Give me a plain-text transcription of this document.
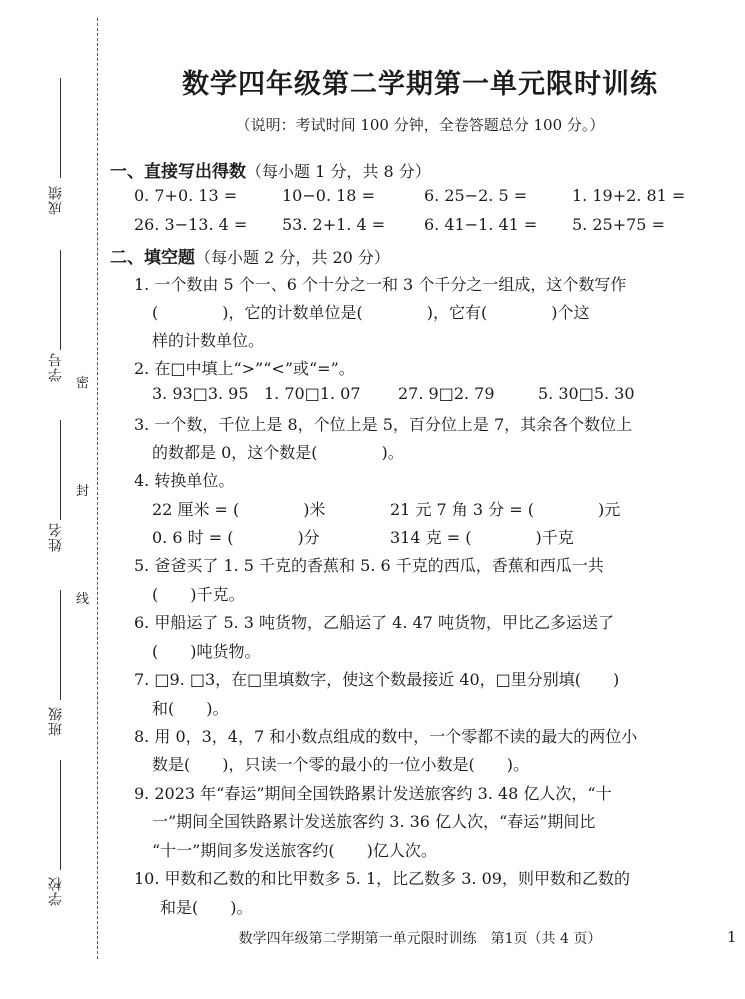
成绩
学号
姓名
班级
学校
密
封
线
数学四年级第二学期第一单元限时训练
（说明：考试时间 100 分钟，全卷答题总分 100 分。）
一、直接写出得数（每小题 1 分，共 8 分）
0. 7+0. 13 =	10−0. 18 =	6. 25−2. 5 =	1. 19+2. 81 =
26. 3−13. 4 = 53. 2+1. 4 = 6. 41−1. 41 = 5. 25+75 =
二、填空题（每小题 2 分，共 20 分）
1. 一个数由 5 个一、6 个十分之一和 3 个千分之一组成，这个数写作
(　　　　)，它的计数单位是(　　　　)，它有(　　　　)个这
样的计数单位。
2. 在□中填上“>”“<”或“=”。
3. 93□3. 95 1. 70□1. 07 27. 9□2. 79	5. 30□5. 30
3. 一个数，千位上是 8，个位上是 5，百分位上是 7，其余各个数位上
的数都是 0，这个数是(　　　　)。
4. 转换单位。
22 厘米 = (　　　　)米	21 元 7 角 3 分 = (　　　　)元
0. 6 时 = (　　　　)分	314 克 = (　　　　)千克
5. 爸爸买了 1. 5 千克的香蕉和 5. 6 千克的西瓜，香蕉和西瓜一共
(　　)千克。
6. 甲船运了 5. 3 吨货物，乙船运了 4. 47 吨货物，甲比乙多运送了
(　　)吨货物。
7. □9. □3，在□里填数字，使这个数最接近 40，□里分别填(　　)
和(　　)。
8. 用 0，3，4，7 和小数点组成的数中，一个零都不读的最大的两位小
数是(　　)，只读一个零的最小的一位小数是(　　)。
9. 2023 年“春运”期间全国铁路累计发送旅客约 3. 48 亿人次，“十
一”期间全国铁路累计发送旅客约 3. 36 亿人次，“春运”期间比
“十一”期间多发送旅客约(　　)亿人次。
10. 甲数和乙数的和比甲数多 5. 1，比乙数多 3. 09，则甲数和乙数的
和是(　　)。
数学四年级第二学期第一单元限时训练　第1页（共 4 页）	1
